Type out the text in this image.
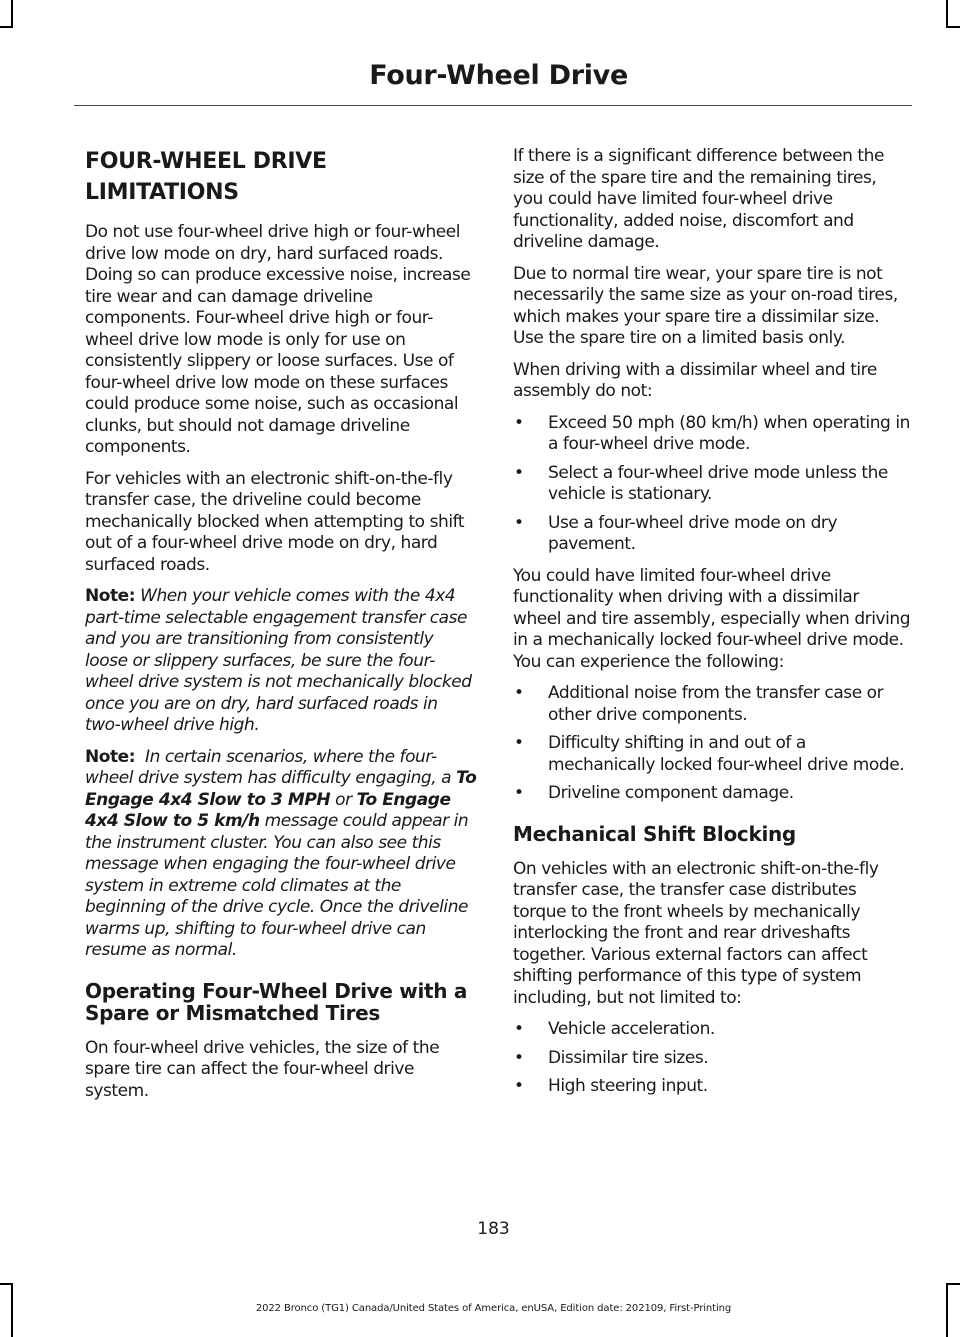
Four-Wheel Drive
FOUR-WHEEL DRIVE
LIMITATIONS

Do not use four-wheel drive high or four-wheel drive low mode on dry, hard surfaced roads. Doing so can produce excessive noise, increase tire wear and can damage driveline components. Four-wheel drive high or four-wheel drive low mode is only for use on consistently slippery or loose surfaces. Use of four-wheel drive low mode on these surfaces could produce some noise, such as occasional clunks, but should not damage driveline components.

For vehicles with an electronic shift-on-the-fly transfer case, the driveline could become mechanically blocked when attempting to shift out of a four-wheel drive mode on dry, hard surfaced roads.

Note: When your vehicle comes with the 4x4 part-time selectable engagement transfer case and you are transitioning from consistently loose or slippery surfaces, be sure the four-wheel drive system is not mechanically blocked once you are on dry, hard surfaced roads in two-wheel drive high.

Note: In certain scenarios, where the four-wheel drive system has difficulty engaging, a To Engage 4x4 Slow to 3 MPH or To Engage 4x4 Slow to 5 km/h message could appear in the instrument cluster. You can also see this message when engaging the four-wheel drive system in extreme cold climates at the beginning of the drive cycle. Once the driveline warms up, shifting to four-wheel drive can resume as normal.

Operating Four-Wheel Drive with a Spare or Mismatched Tires

On four-wheel drive vehicles, the size of the spare tire can affect the four-wheel drive system.

If there is a significant difference between the size of the spare tire and the remaining tires, you could have limited four-wheel drive functionality, added noise, discomfort and driveline damage.

Due to normal tire wear, your spare tire is not necessarily the same size as your on-road tires, which makes your spare tire a dissimilar size. Use the spare tire on a limited basis only.

When driving with a dissimilar wheel and tire assembly do not:

• Exceed 50 mph (80 km/h) when operating in a four-wheel drive mode.
• Select a four-wheel drive mode unless the vehicle is stationary.
• Use a four-wheel drive mode on dry pavement.

You could have limited four-wheel drive functionality when driving with a dissimilar wheel and tire assembly, especially when driving in a mechanically locked four-wheel drive mode. You can experience the following:

• Additional noise from the transfer case or other drive components.
• Difficulty shifting in and out of a mechanically locked four-wheel drive mode.
• Driveline component damage.
Mechanical Shift Blocking

On vehicles with an electronic shift-on-the-fly transfer case, the transfer case distributes torque to the front wheels by mechanically interlocking the front and rear driveshafts together. Various external factors can affect shifting performance of this type of system including, but not limited to:

• Vehicle acceleration.
• Dissimilar tire sizes.
• High steering input.
183
2022 Bronco (TG1) Canada/United States of America, enUSA, Edition date: 202109, First-Printing
